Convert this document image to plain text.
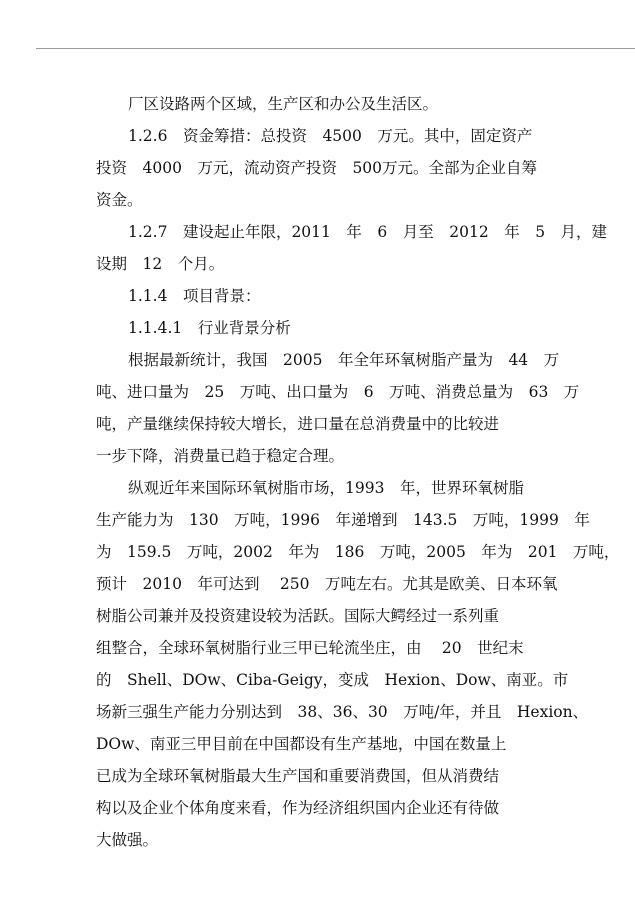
厂区设路两个区域，生产区和办公及生活区。
1.2.6　资金筹措：总投资　4500　万元。其中，固定资产
投资　4000　万元，流动资产投资　500万元。全部为企业自筹
资金。
1.2.7　建设起止年限，2011　年　6　月至　2012　年　5　月，建
设期　12　个月。
1.1.4　项目背景：
1.1.4.1　行业背景分析
根据最新统计，我国　2005　年全年环氧树脂产量为　44　万
吨、进口量为　25　万吨、出口量为　6　万吨、消费总量为　63　万
吨，产量继续保持较大增长，进口量在总消费量中的比较进
一步下降，消费量已趋于稳定合理。
纵观近年来国际环氧树脂市场，1993　年，世界环氧树脂
生产能力为　130　万吨，1996　年递增到　143.5　万吨，1999　年
为　159.5　万吨，2002　年为　186　万吨，2005　年为　201　万吨，
预计　2010　年可达到　 250　万吨左右。尤其是欧美、日本环氧
树脂公司兼并及投资建设较为活跃。国际大鳄经过一系列重
组整合，全球环氧树脂行业三甲已轮流坐庄，由　 20　世纪末
的　Shell、DOw、Ciba-Geigy，变成　Hexion、Dow、南亚。市
场新三强生产能力分别达到　38、36、30　万吨/年，并且　Hexion、
DOw、南亚三甲目前在中国都设有生产基地，中国在数量上
已成为全球环氧树脂最大生产国和重要消费国，但从消费结
构以及企业个体角度来看，作为经济组织国内企业还有待做
大做强。
